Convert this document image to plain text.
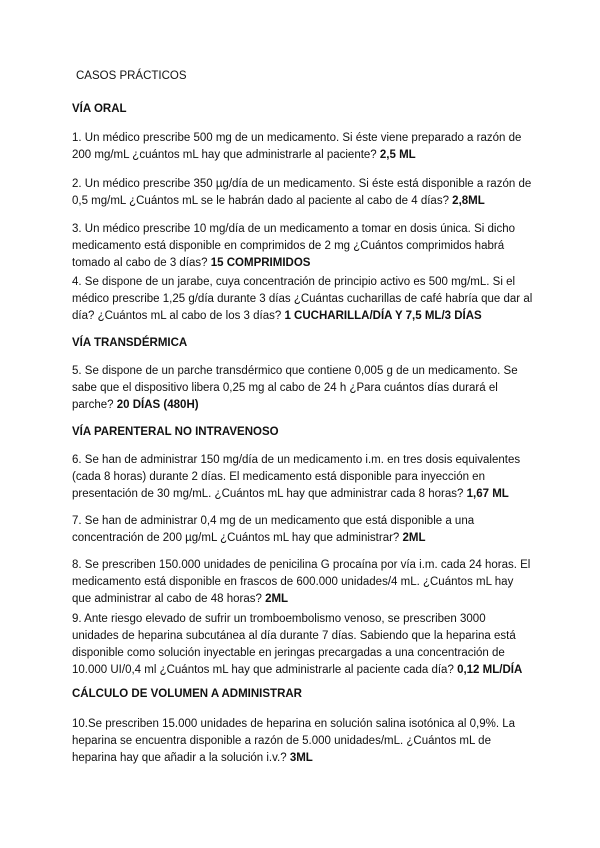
CASOS PRÁCTICOS
VÍA ORAL
1. Un médico prescribe 500 mg de un medicamento. Si éste viene preparado a razón de 200 mg/mL ¿cuántos mL hay que administrarle al paciente? 2,5 ML
2. Un médico prescribe 350 µg/día de un medicamento. Si éste está disponible a razón de 0,5 mg/mL ¿Cuántos mL se le habrán dado al paciente al cabo de 4 días? 2,8ML
3. Un médico prescribe 10 mg/día de un medicamento a tomar en dosis única. Si dicho medicamento está disponible en comprimidos de 2 mg ¿Cuántos comprimidos habrá tomado al cabo de 3 días? 15 COMPRIMIDOS
4. Se dispone de un jarabe, cuya concentración de principio activo es 500 mg/mL. Si el médico prescribe 1,25 g/día durante 3 días ¿Cuántas cucharillas de café habría que dar al día? ¿Cuántos mL al cabo de los 3 días? 1 CUCHARILLA/DÍA Y 7,5 ML/3 DÍAS
VÍA TRANSDÉRMICA
5. Se dispone de un parche transdérmico que contiene 0,005 g de un medicamento. Se sabe que el dispositivo libera 0,25 mg al cabo de 24 h ¿Para cuántos días durará el parche? 20 DÍAS (480H)
VÍA PARENTERAL NO INTRAVENOSO
6. Se han de administrar 150 mg/día de un medicamento i.m. en tres dosis equivalentes (cada 8 horas) durante 2 días. El medicamento está disponible para inyección en presentación de 30 mg/mL. ¿Cuántos mL hay que administrar cada 8 horas? 1,67 ML
7. Se han de administrar 0,4 mg de un medicamento que está disponible a una concentración de 200 µg/mL ¿Cuántos mL hay que administrar? 2ML
8. Se prescriben 150.000 unidades de penicilina G procaína por vía i.m. cada 24 horas. El medicamento está disponible en frascos de 600.000 unidades/4 mL. ¿Cuántos mL hay que administrar al cabo de 48 horas? 2ML
9. Ante riesgo elevado de sufrir un tromboembolismo venoso, se prescriben 3000 unidades de heparina subcutánea al día durante 7 días. Sabiendo que la heparina está disponible como solución inyectable en jeringas precargadas a una concentración de 10.000 UI/0,4 ml ¿Cuántos mL hay que administrarle al paciente cada día? 0,12 ML/DÍA
CÁLCULO DE VOLUMEN A ADMINISTRAR
10.Se prescriben 15.000 unidades de heparina en solución salina isotónica al 0,9%. La heparina se encuentra disponible a razón de 5.000 unidades/mL. ¿Cuántos mL de heparina hay que añadir a la solución i.v.? 3ML
